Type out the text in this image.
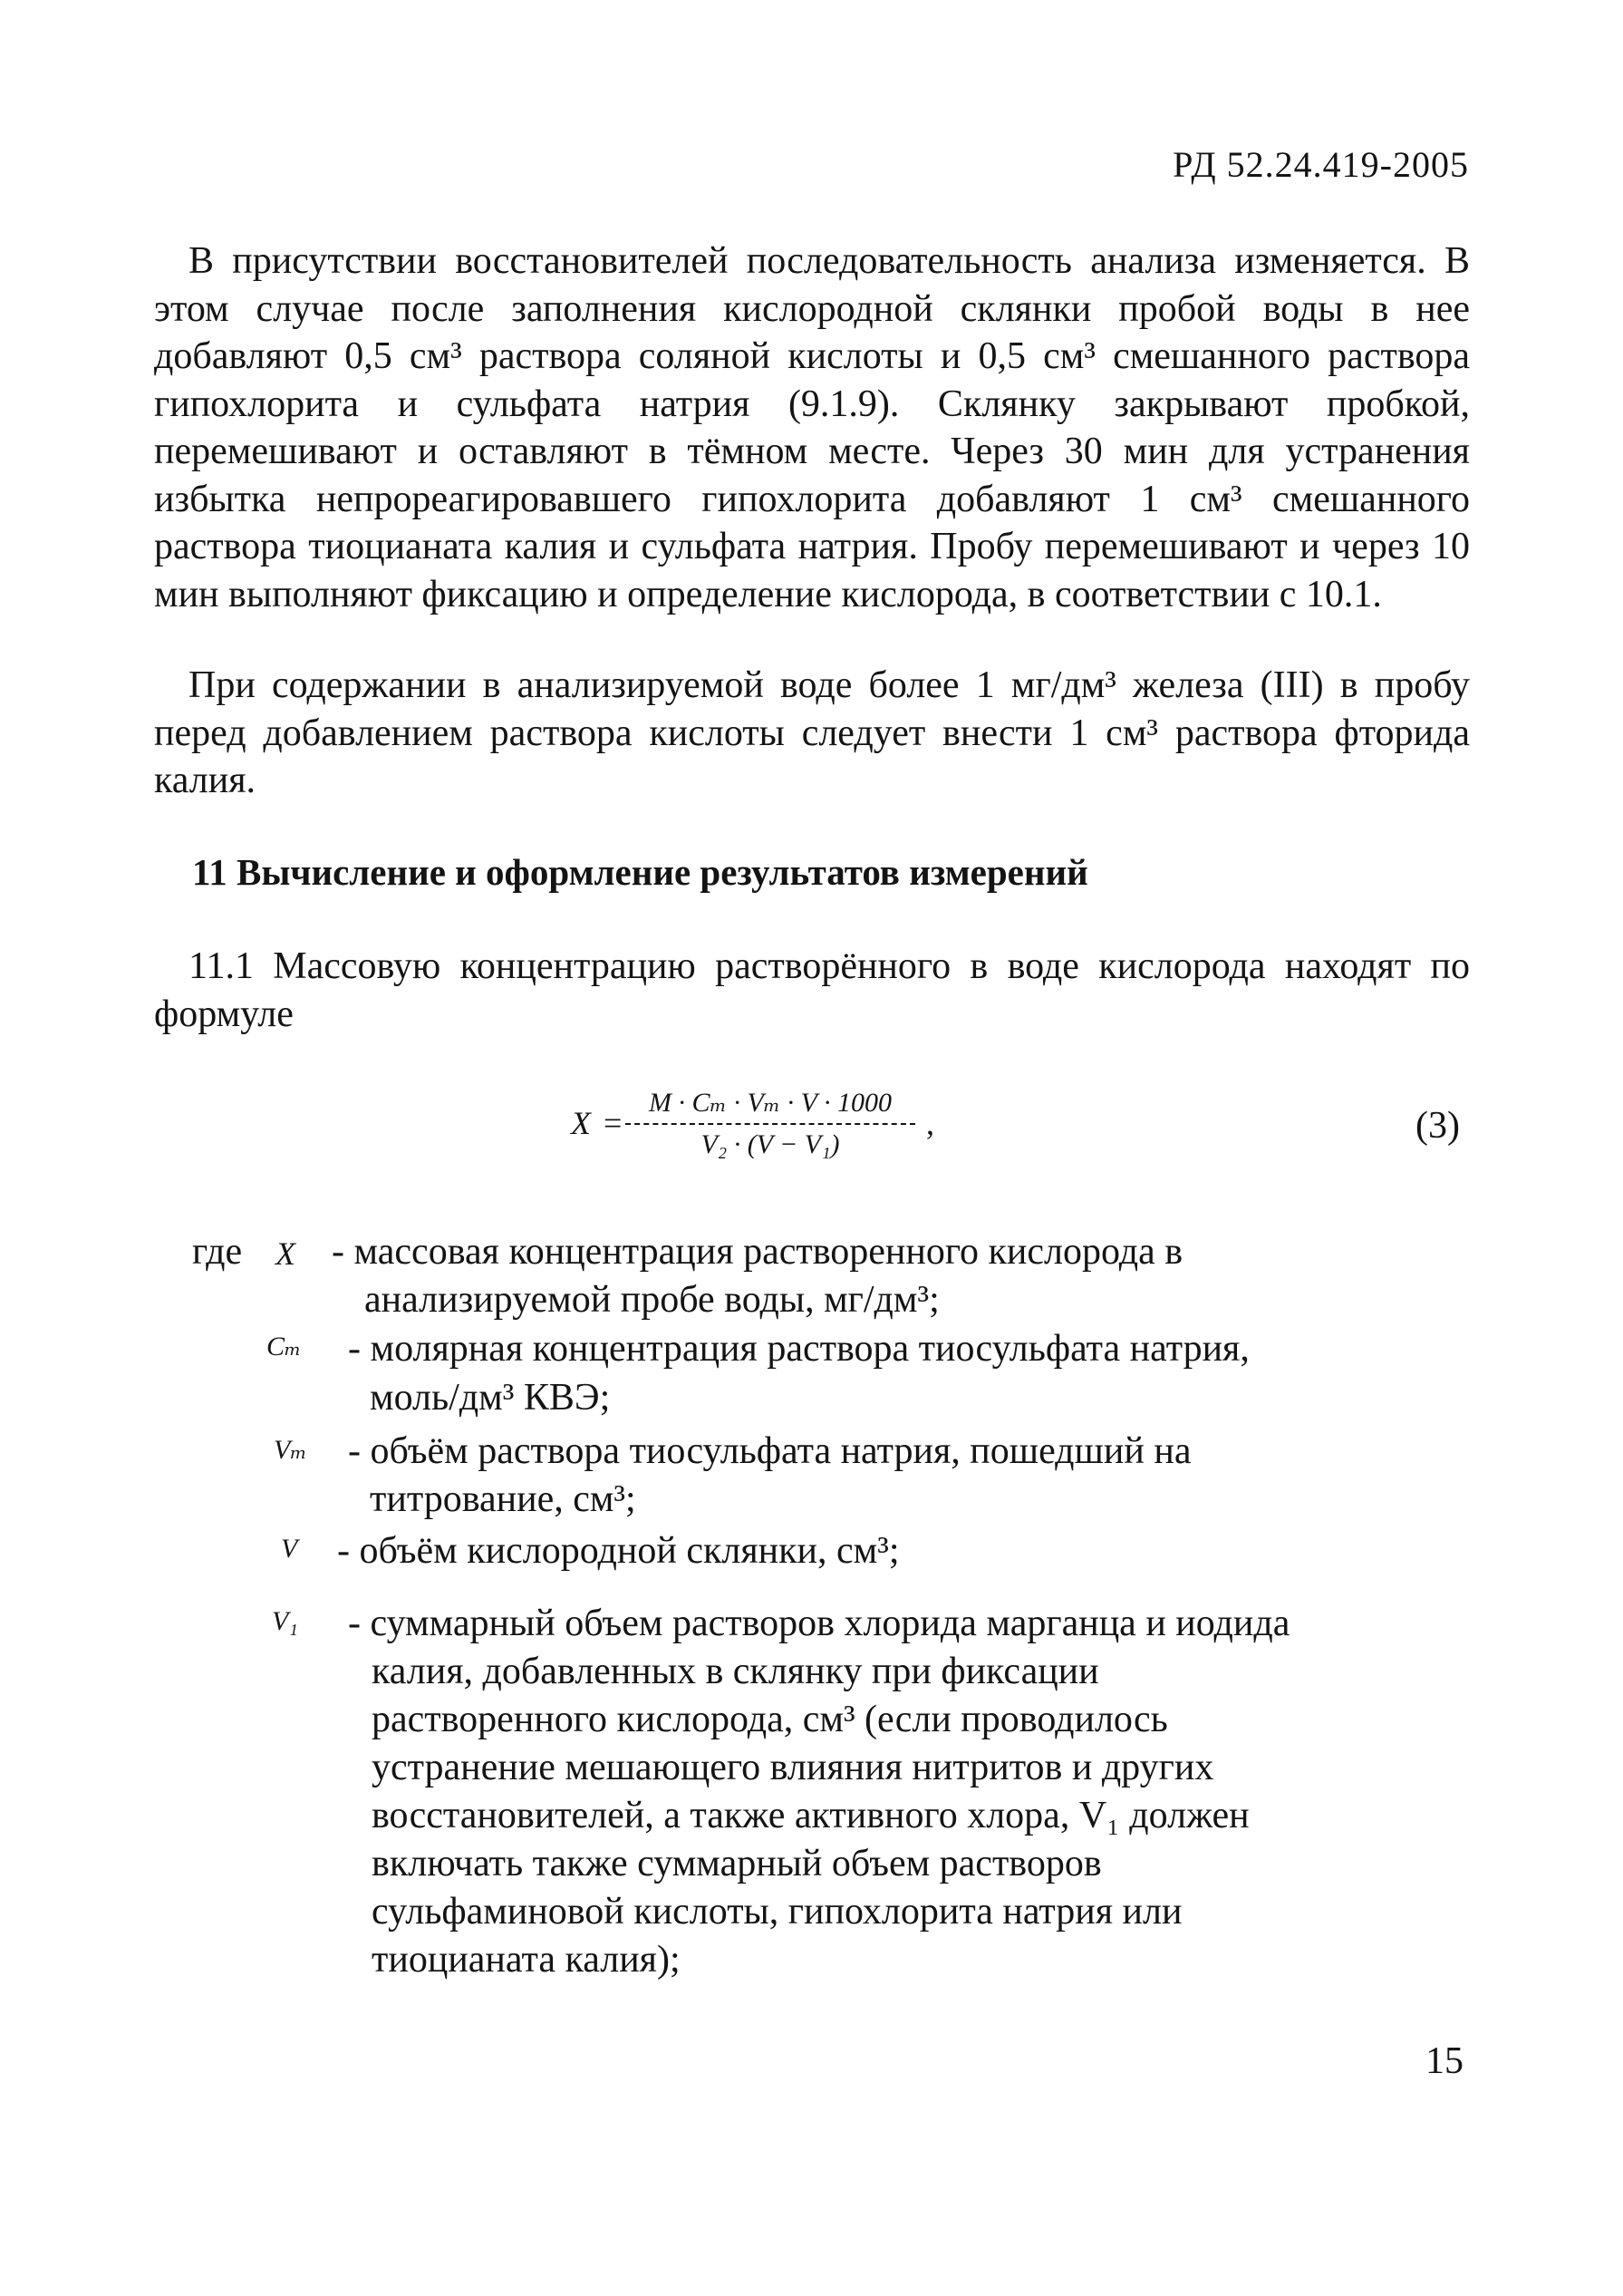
РД 52.24.419-2005

В присутствии восстановителей последовательность анализа изменяется. В этом случае после заполнения кислородной склянки пробой воды в нее добавляют 0,5 см³ раствора соляной кислоты и 0,5 см³ смешанного раствора гипохлорита и сульфата натрия (9.1.9). Склянку закрывают пробкой, перемешивают и оставляют в тёмном месте. Через 30 мин для устранения избытка непрореагировавшего гипохлорита добавляют 1 см³ смешанного раствора тиоцианата калия и сульфата натрия. Пробу перемешивают и через 10 мин выполняют фиксацию и определение кислорода, в соответствии с 10.1.

При содержании в анализируемой воде более 1 мг/дм³ железа (III) в пробу перед добавлением раствора кислоты следует внести 1 см³ раствора фторида калия.

11 Вычисление и оформление результатов измерений

11.1 Массовую концентрацию растворённого в воде кислорода находят по формуле

X =
M · Cₘ · Vₘ · V · 1000
V₂ · (V − V₁)
,	(3)
где X - массовая концентрация растворенного кислорода в
анализируемой пробе воды, мг/дм³;
Cₘ - молярная концентрация раствора тиосульфата натрия,
моль/дм³ КВЭ;
Vₘ - объём раствора тиосульфата натрия, пошедший на
титрование, см³;
V - объём кислородной склянки, см³;
V₁ - суммарный объем растворов хлорида марганца и иодида
калия, добавленных в склянку при фиксации
растворенного кислорода, см³ (если проводилось
устранение мешающего влияния нитритов и других
восстановителей, а также активного хлора, V₁ должен
включать также суммарный объем растворов
сульфаминовой кислоты, гипохлорита натрия или
тиоцианата калия);
15
